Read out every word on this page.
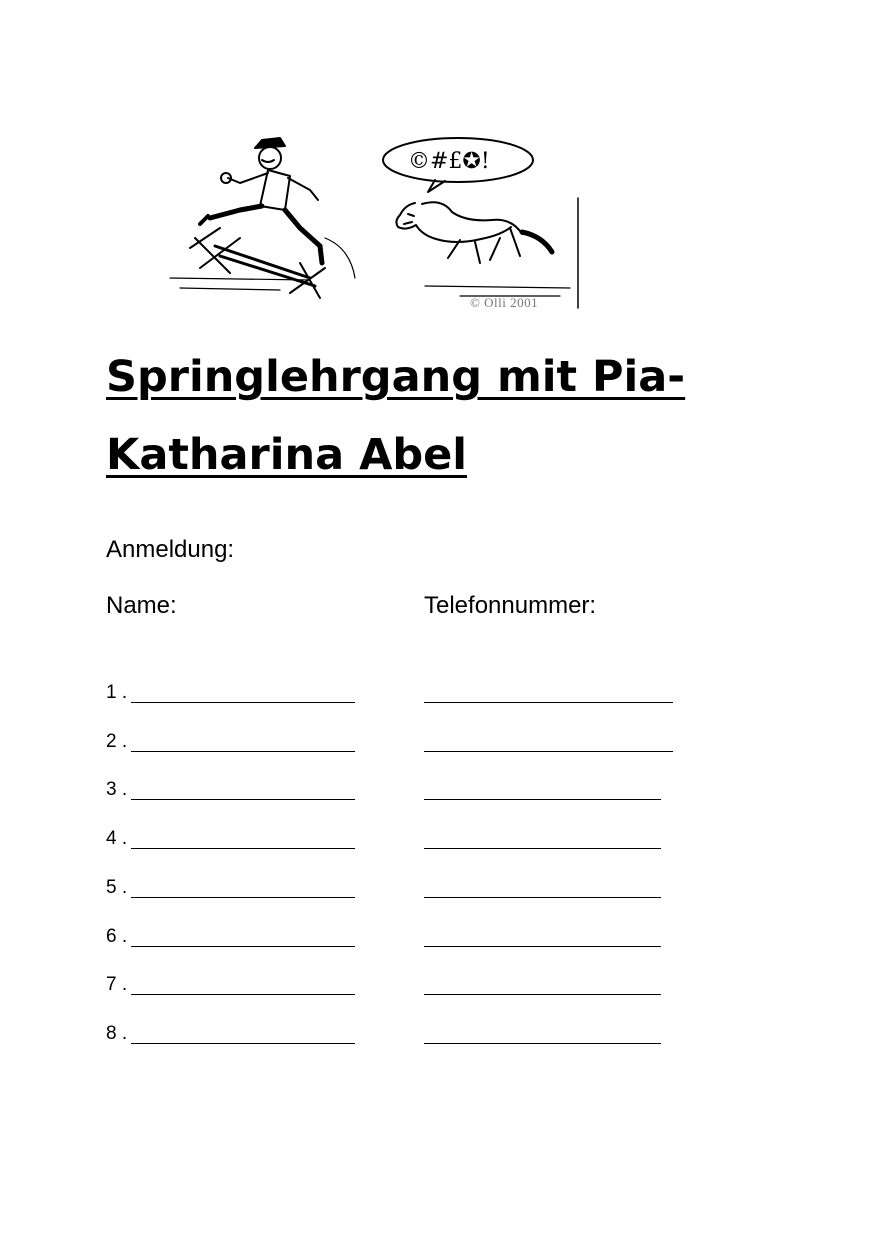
©#£✪!
© Olli 2001
Springlehrgang mit Pia-
Katharina Abel
Anmeldung:
Name:	Telefonnummer:
1 .
2 .
3 .
4 .
5 .
6 .
7 .
8 .
